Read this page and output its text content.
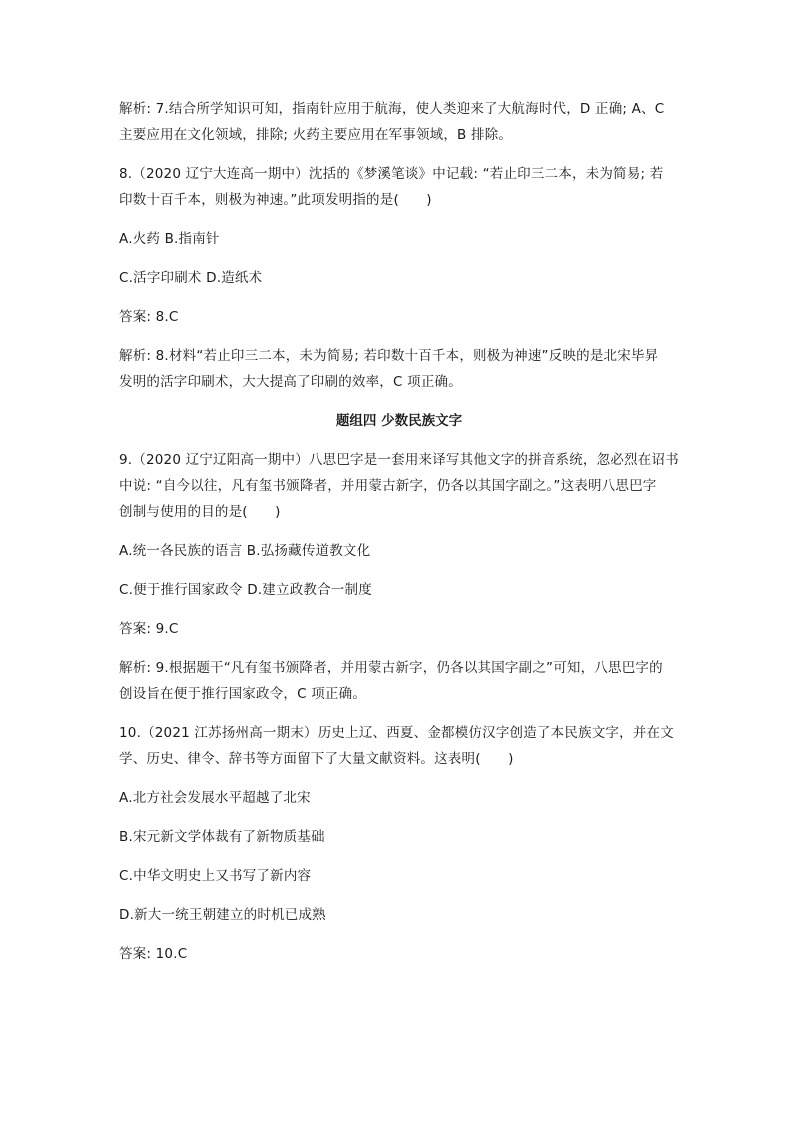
解析: 7.结合所学知识可知，指南针应用于航海，使人类迎来了大航海时代，D 正确; A、C
主要应用在文化领域，排除; 火药主要应用在军事领域，B 排除。
8.（2020 辽宁大连高一期中）沈括的《梦溪笔谈》中记载: “若止印三二本，未为简易; 若
印数十百千本，则极为神速。”此项发明指的是(　　)
A.火药 B.指南针
C.活字印刷术 D.造纸术
答案: 8.C
解析: 8.材料“若止印三二本，未为简易; 若印数十百千本，则极为神速”反映的是北宋毕昇
发明的活字印刷术，大大提高了印刷的效率，C 项正确。
题组四 少数民族文字
9.（2020 辽宁辽阳高一期中）八思巴字是一套用来译写其他文字的拼音系统，忽必烈在诏书
中说: “自今以往，凡有玺书颁降者，并用蒙古新字，仍各以其国字副之。”这表明八思巴字
创制与使用的目的是(　　)
A.统一各民族的语言 B.弘扬藏传道教文化
C.便于推行国家政令 D.建立政教合一制度
答案: 9.C
解析: 9.根据题干“凡有玺书颁降者，并用蒙古新字，仍各以其国字副之”可知，八思巴字的
创设旨在便于推行国家政令，C 项正确。
10.（2021 江苏扬州高一期末）历史上辽、西夏、金都模仿汉字创造了本民族文字，并在文
学、历史、律令、辞书等方面留下了大量文献资料。这表明(　　)
A.北方社会发展水平超越了北宋
B.宋元新文学体裁有了新物质基础
C.中华文明史上又书写了新内容
D.新大一统王朝建立的时机已成熟
答案: 10.C
